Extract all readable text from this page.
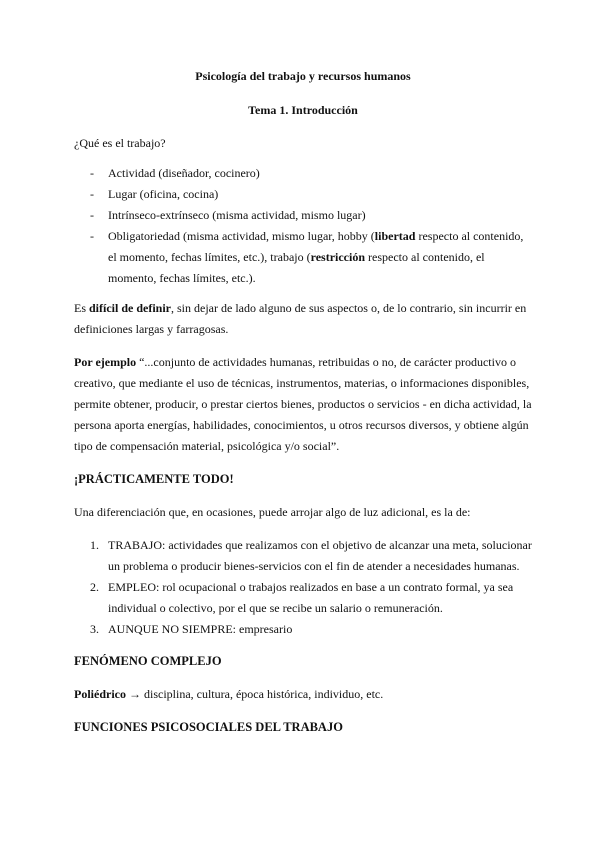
Psicología del trabajo y recursos humanos
Tema 1. Introducción

¿Qué es el trabajo?

- Actividad (diseñador, cocinero)
- Lugar (oficina, cocina)
- Intrínseco-extrínseco (misma actividad, mismo lugar)
- Obligatoriedad (misma actividad, mismo lugar, hobby (libertad respecto al contenido, el momento, fechas límites, etc.), trabajo (restricción respecto al contenido, el momento, fechas límites, etc.).

Es difícil de definir, sin dejar de lado alguno de sus aspectos o, de lo contrario, sin incurrir en definiciones largas y farragosas.

Por ejemplo “...conjunto de actividades humanas, retribuidas o no, de carácter productivo o creativo, que mediante el uso de técnicas, instrumentos, materias, o informaciones disponibles, permite obtener, producir, o prestar ciertos bienes, productos o servicios - en dicha actividad, la persona aporta energías, habilidades, conocimientos, u otros recursos diversos, y obtiene algún tipo de compensación material, psicológica y/o social”.

¡PRÁCTICAMENTE TODO!

Una diferenciación que, en ocasiones, puede arrojar algo de luz adicional, es la de:

1. TRABAJO: actividades que realizamos con el objetivo de alcanzar una meta, solucionar un problema o producir bienes-servicios con el fin de atender a necesidades humanas.
2. EMPLEO: rol ocupacional o trabajos realizados en base a un contrato formal, ya sea individual o colectivo, por el que se recibe un salario o remuneración.
3. AUNQUE NO SIEMPRE: empresario
FENÓMENO COMPLEJO

Poliédrico → disciplina, cultura, época histórica, individuo, etc.

FUNCIONES PSICOSOCIALES DEL TRABAJO
